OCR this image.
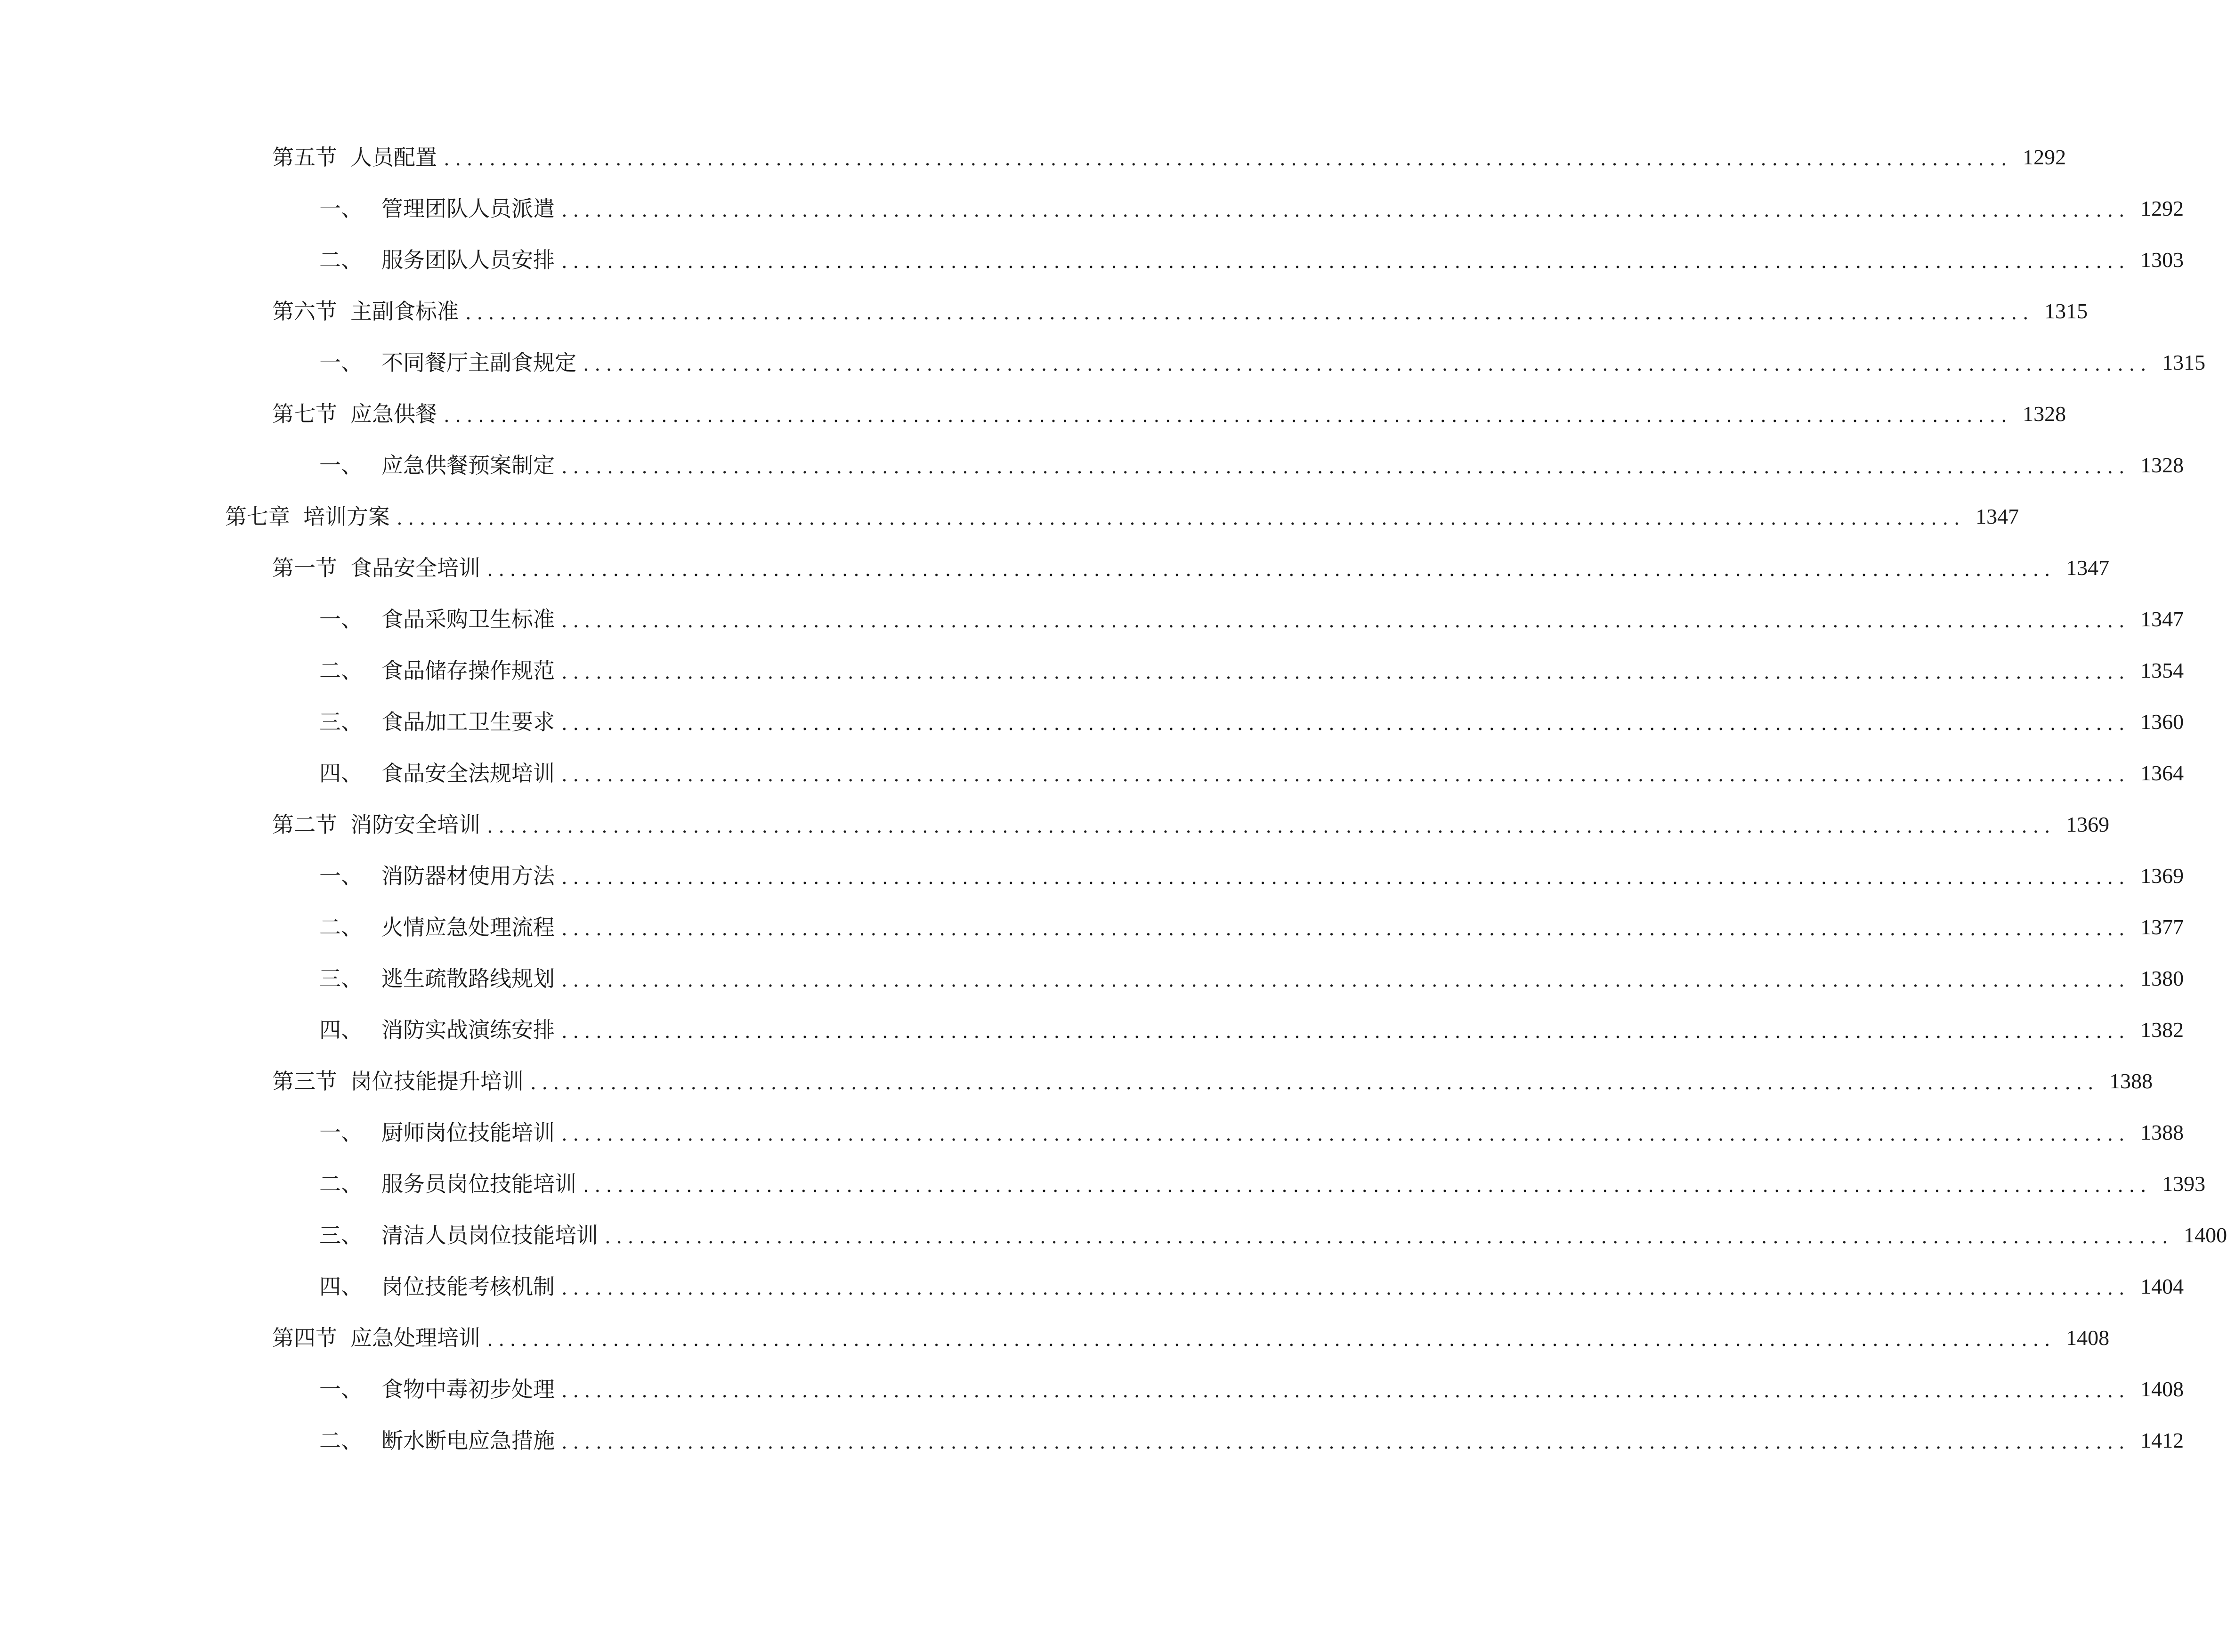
第五节 人员配置 ......................................................................................................................................... 1292
一、 管理团队人员派遣 ......................................................................................................................................... 1292
二、 服务团队人员安排 ......................................................................................................................................... 1303
第六节 主副食标准 ......................................................................................................................................... 1315
一、 不同餐厅主副食规定 ......................................................................................................................................... 1315
第七节 应急供餐 ......................................................................................................................................... 1328
一、 应急供餐预案制定 ......................................................................................................................................... 1328
第七章 培训方案 ......................................................................................................................................... 1347
第一节 食品安全培训 ......................................................................................................................................... 1347
一、 食品采购卫生标准 ......................................................................................................................................... 1347
二、 食品储存操作规范 ......................................................................................................................................... 1354
三、 食品加工卫生要求 ......................................................................................................................................... 1360
四、 食品安全法规培训 ......................................................................................................................................... 1364
第二节 消防安全培训 ......................................................................................................................................... 1369
一、 消防器材使用方法 ......................................................................................................................................... 1369
二、 火情应急处理流程 ......................................................................................................................................... 1377
三、 逃生疏散路线规划 ......................................................................................................................................... 1380
四、 消防实战演练安排 ......................................................................................................................................... 1382
第三节 岗位技能提升培训 ......................................................................................................................................... 1388
一、 厨师岗位技能培训 ......................................................................................................................................... 1388
二、 服务员岗位技能培训 ......................................................................................................................................... 1393
三、 清洁人员岗位技能培训 ......................................................................................................................................... 1400
四、 岗位技能考核机制 ......................................................................................................................................... 1404
第四节 应急处理培训 ......................................................................................................................................... 1408
一、 食物中毒初步处理 ......................................................................................................................................... 1408
二、 断水断电应急措施 ......................................................................................................................................... 1412
